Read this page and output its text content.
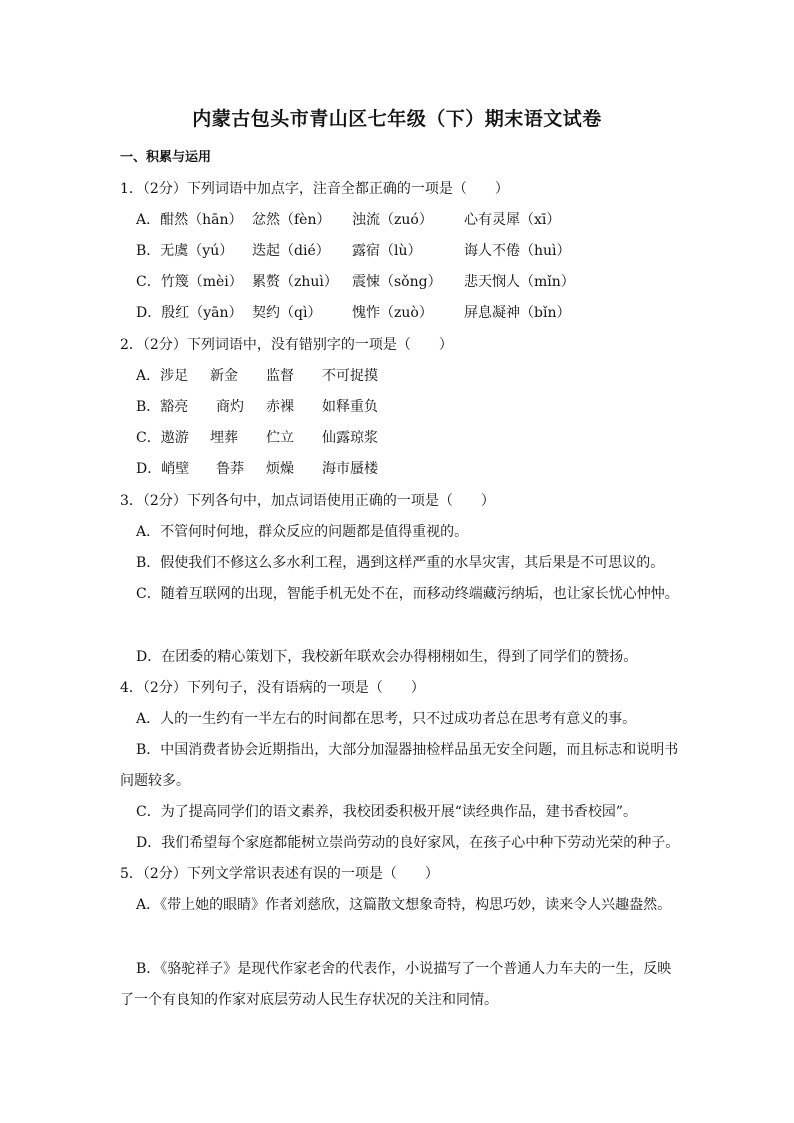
内蒙古包头市青山区七年级（下）期末语文试卷
一、积累与运用
1．（2分）下列词语中加点字，注音全都正确的一项是（　　）
A．酣然（hān） 忿然（fèn） 浊流（zuó） 心有灵犀（xī）
B．无虞（yú） 迭起（dié） 露宿（lù）	诲人不倦（huì）
C．竹篾（mèi） 累赘（zhuì） 震悚（sǒng） 悲天悯人（mǐn）
D．殷红（yān） 契约（qì） 愧怍（zuò） 屏息凝神（bǐn）
2．（2分）下列词语中，没有错别字的一项是（　　）
A．涉足 新金 监督 不可捉摸
B．豁亮 商灼 赤裸 如释重负
C．遨游 埋葬 伫立 仙露琼浆
D．峭壁 鲁莽 烦燥 海市蜃楼
3．（2分）下列各句中，加点词语使用正确的一项是（　　）
A．不管何时何地，群众反应的问题都是值得重视的。
B．假使我们不修这么多水利工程，遇到这样严重的水旱灾害，其后果是不可思议的。
C．随着互联网的出现，智能手机无处不在，而移动终端藏污纳垢，也让家长忧心忡忡。
D．在团委的精心策划下，我校新年联欢会办得栩栩如生，得到了同学们的赞扬。
4．（2分）下列句子，没有语病的一项是（　　）
A．人的一生约有一半左右的时间都在思考，只不过成功者总在思考有意义的事。
B．中国消费者协会近期指出，大部分加湿器抽检样品虽无安全问题，而且标志和说明书
问题较多。
C．为了提高同学们的语文素养，我校团委积极开展“读经典作品，建书香校园”。
D．我们希望每个家庭都能树立崇尚劳动的良好家风，在孩子心中种下劳动光荣的种子。
5．（2分）下列文学常识表述有误的一项是（　　）
A．《带上她的眼睛》作者刘慈欣，这篇散文想象奇特，构思巧妙，读来令人兴趣盎然。
B．《骆驼祥子》是现代作家老舍的代表作，小说描写了一个普通人力车夫的一生，反映
了一个有良知的作家对底层劳动人民生存状况的关注和同情。
